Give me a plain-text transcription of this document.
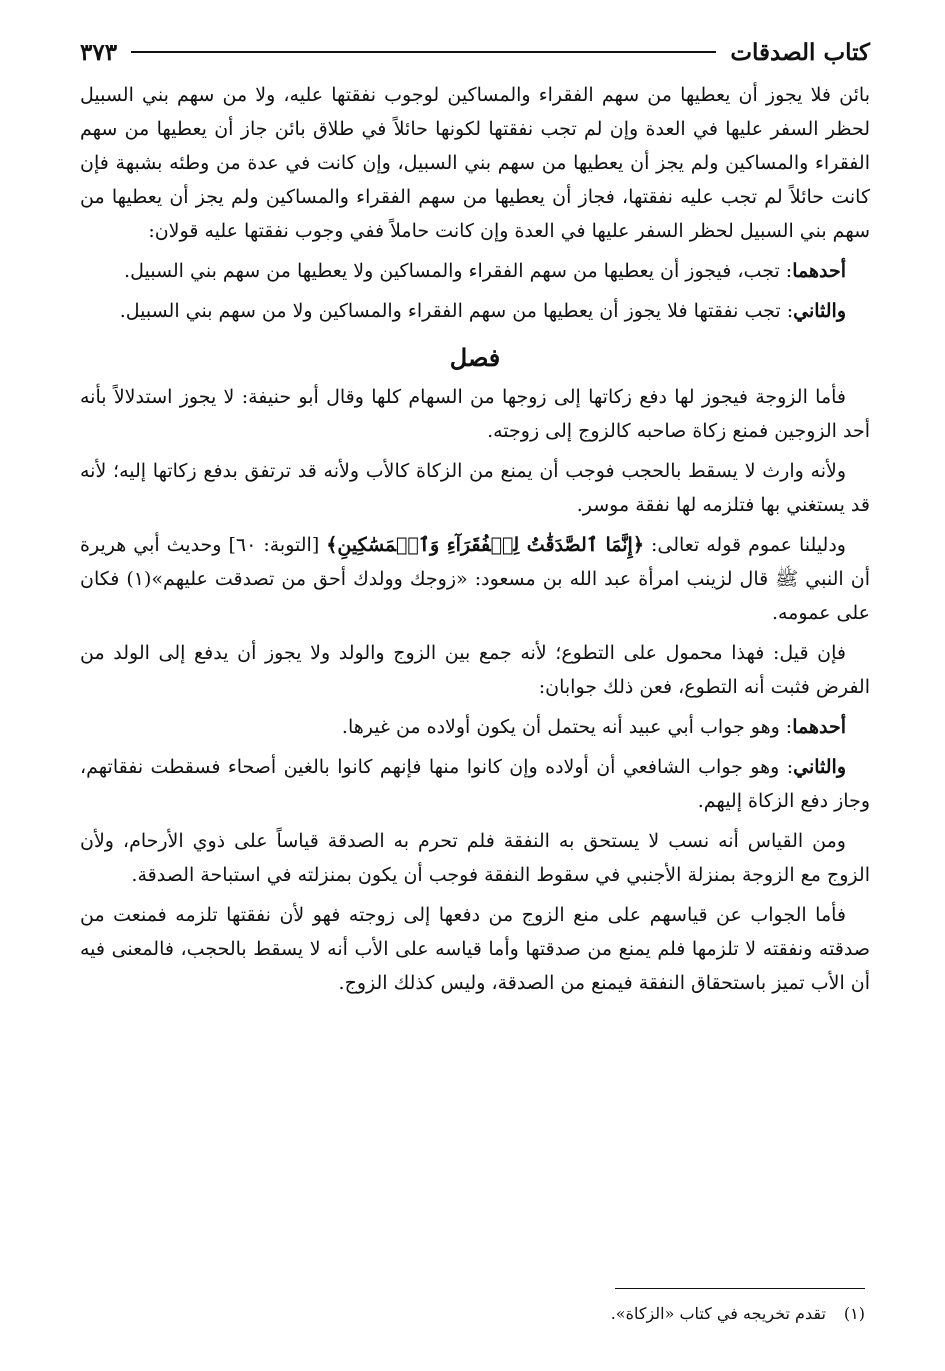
كتاب الصدقات
٣٧٣

بائن فلا يجوز أن يعطيها من سهم الفقراء والمساكين لوجوب نفقتها عليه، ولا من سهم بني السبيل لحظر السفر عليها في العدة وإن لم تجب نفقتها لكونها حائلاً في طلاق بائن جاز أن يعطيها من سهم الفقراء والمساكين ولم يجز أن يعطيها من سهم بني السبيل، وإن كانت في عدة من وطئه بشبهة فإن كانت حائلاً لم تجب عليه نفقتها، فجاز أن يعطيها من سهم الفقراء والمساكين ولم يجز أن يعطيها من سهم بني السبيل لحظر السفر عليها في العدة وإن كانت حاملاً ففي وجوب نفقتها عليه قولان:

أحدهما: تجب، فيجوز أن يعطيها من سهم الفقراء والمساكين ولا يعطيها من سهم بني السبيل.

والثاني: تجب نفقتها فلا يجوز أن يعطيها من سهم الفقراء والمساكين ولا من سهم بني السبيل.

فصل

فأما الزوجة فيجوز لها دفع زكاتها إلى زوجها من السهام كلها وقال أبو حنيفة: لا يجوز استدلالاً بأنه أحد الزوجين فمنع زكاة صاحبه كالزوج إلى زوجته.

ولأنه وارث لا يسقط بالحجب فوجب أن يمنع من الزكاة كالأب ولأنه قد ترتفق بدفع زكاتها إليه؛ لأنه قد يستغني بها فتلزمه لها نفقة موسر.

ودليلنا عموم قوله تعالى: ﴿إِنَّمَا ٱلصَّدَقَٰتُ لِلۡفُقَرَآءِ وَٱلۡمَسَٰكِينِ﴾ [التوبة: ٦٠] وحديث أبي هريرة أن النبي ﷺ قال لزينب امرأة عبد الله بن مسعود: «زوجك وولدك أحق من تصدقت عليهم»(١) فكان على عمومه.

فإن قيل: فهذا محمول على التطوع؛ لأنه جمع بين الزوج والولد ولا يجوز أن يدفع إلى الولد من الفرض فثبت أنه التطوع، فعن ذلك جوابان:

أحدهما: وهو جواب أبي عبيد أنه يحتمل أن يكون أولاده من غيرها.

والثاني: وهو جواب الشافعي أن أولاده وإن كانوا منها فإنهم كانوا بالغين أصحاء فسقطت نفقاتهم، وجاز دفع الزكاة إليهم.

ومن القياس أنه نسب لا يستحق به النفقة فلم تحرم به الصدقة قياساً على ذوي الأرحام، ولأن الزوج مع الزوجة بمنزلة الأجنبي في سقوط النفقة فوجب أن يكون بمنزلته في استباحة الصدقة.

فأما الجواب عن قياسهم على منع الزوج من دفعها إلى زوجته فهو لأن نفقتها تلزمه فمنعت من صدقته ونفقته لا تلزمها فلم يمنع من صدقتها وأما قياسه على الأب أنه لا يسقط بالحجب، فالمعنى فيه أن الأب تميز باستحقاق النفقة فيمنع من الصدقة، وليس كذلك الزوج.

(١)تقدم تخريجه في كتاب «الزكاة».
